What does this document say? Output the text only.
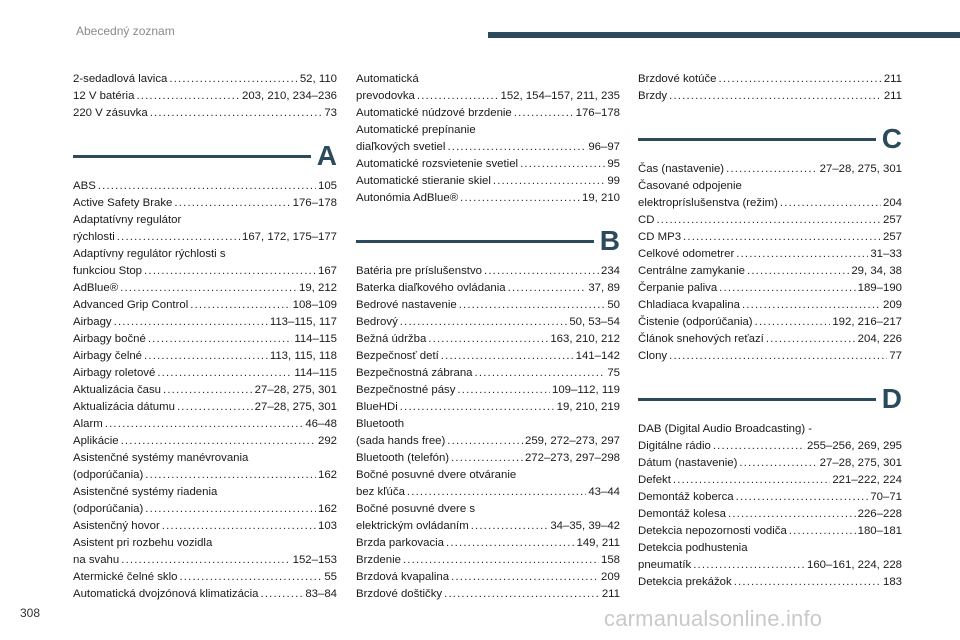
Abecedný zoznam
2-sedadlová lavica . . .	52, 110
12 V batéria . . .	203, 210, 234–236
220 V zásuvka . . .	73
A
ABS . . .	105
Active Safety Brake . . .	176–178
Adaptatívny regulátor
rýchlosti . . .	167, 172, 175–177
Adaptívny regulátor rýchlosti s
funkciou Stop . . .	167
AdBlue® . . .	19, 212
Advanced Grip Control . . .	108–109
Airbagy . . .	113–115, 117
Airbagy bočné . . .	114–115
Airbagy čelné . . .	113, 115, 118
Airbagy roletové . . .	114–115
Aktualizácia času . . .	27–28, 275, 301
Aktualizácia dátumu . . .	27–28, 275, 301
Alarm . . .	46–48
Aplikácie . . .	292
Asistenčné systémy manévrovania
(odporúčania) . . .	162
Asistenčné systémy riadenia
(odporúčania) . . .	162
Asistenčný hovor . . .	103
Asistent pri rozbehu vozidla
na svahu . . .	152–153
Atermické čelné sklo . . .	55
Automatická dvojzónová klimatizácia . . .	83–84
Automatická
prevodovka . . .	152, 154–157, 211, 235
Automatické núdzové brzdenie . . .	176–178
Automatické prepínanie
diaľkových svetiel . . .	96–97
Automatické rozsvietenie svetiel . . .	95
Automatické stieranie skiel . . .	99
Autonómia AdBlue® . . .	19, 210
B
Batéria pre príslušenstvo . . .	234
Baterka diaľkového ovládania . . .	37, 89
Bedrové nastavenie . . .	50
Bedrový . . .	50, 53–54
Bežná údržba . . .	163, 210, 212
Bezpečnosť detí . . .	141–142
Bezpečnostná zábrana . . .	75
Bezpečnostné pásy . . .	109–112, 119
BlueHDi . . .	19, 210, 219
Bluetooth
(sada hands free) . . .	259, 272–273, 297
Bluetooth (telefón) . . .	272–273, 297–298
Bočné posuvné dvere otváranie
bez kľúča . . .	43–44
Bočné posuvné dvere s
elektrickým ovládaním . . .	34–35, 39–42
Brzda parkovacia . . .	149, 211
Brzdenie . . .	158
Brzdová kvapalina . . .	209
Brzdové doštičky . . .	211
Brzdové kotúče . . .	211
Brzdy . . .	211
C
Čas (nastavenie) . . .	27–28, 275, 301
Časované odpojenie
elektropríslušenstva (režim) . . .	204
CD . . .	257
CD MP3 . . .	257
Celkové odometrer . . .	31–33
Centrálne zamykanie . . .	29, 34, 38
Čerpanie paliva . . .	189–190
Chladiaca kvapalina . . .	209
Čistenie (odporúčania) . . .	192, 216–217
Článok snehových reťazí . . .	204, 226
Clony . . .	77
D
DAB (Digital Audio Broadcasting) -
Digitálne rádio . . .	255–256, 269, 295
Dátum (nastavenie) . . .	27–28, 275, 301
Defekt . . .	221–222, 224
Demontáž koberca . . .	70–71
Demontáž kolesa . . .	226–228
Detekcia nepozornosti vodiča . . .	180–181
Detekcia podhustenia
pneumatík . . .	160–161, 224, 228
Detekcia prekážok . . .	183
308	carmanualsonline.info
